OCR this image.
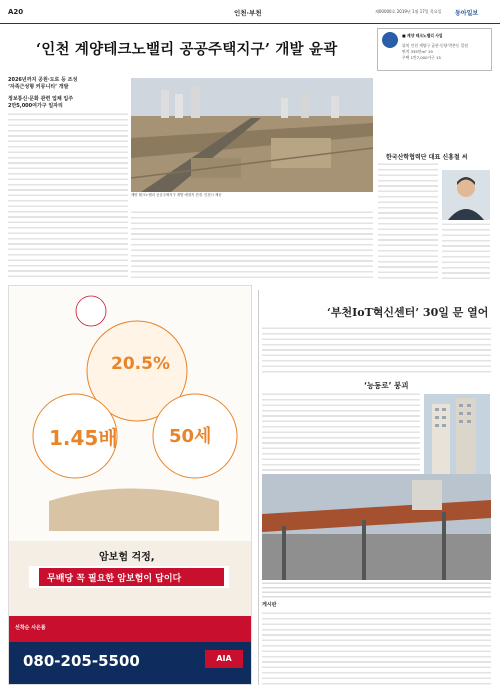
A20	인천·부천	제00000호 2019년 1월 17일 목요일 동아일보
‘인천 계양테크노밸리 공공주택지구’ 개발 윤곽
■ 계양 테크노밸리 사업
위치 인천 계양구 귤현·동양·박촌동 일원
면적 335만m² 19
주택 1만7,000가구 15
2026년까지 공원·도로 등 조성
‘자족근성형 커뮤니티’ 개발
정보통신·문화 관련 업체 입주
2만5,000여가구 일자리
계양 테크노밸리 공공주택지구 개발 예정지 전경. 인천시 제공
한국산학협력단 대표 신홍철 씨
‘부천IoT혁신센터’ 30일 문 열어
‘능동로’ 붕괴
게시판
20.5%
1.45배	50세
암보험 걱정,
무배당 꼭 필요한 암보험이 답이다
선착순 사은품
080-205-5500	AIA
